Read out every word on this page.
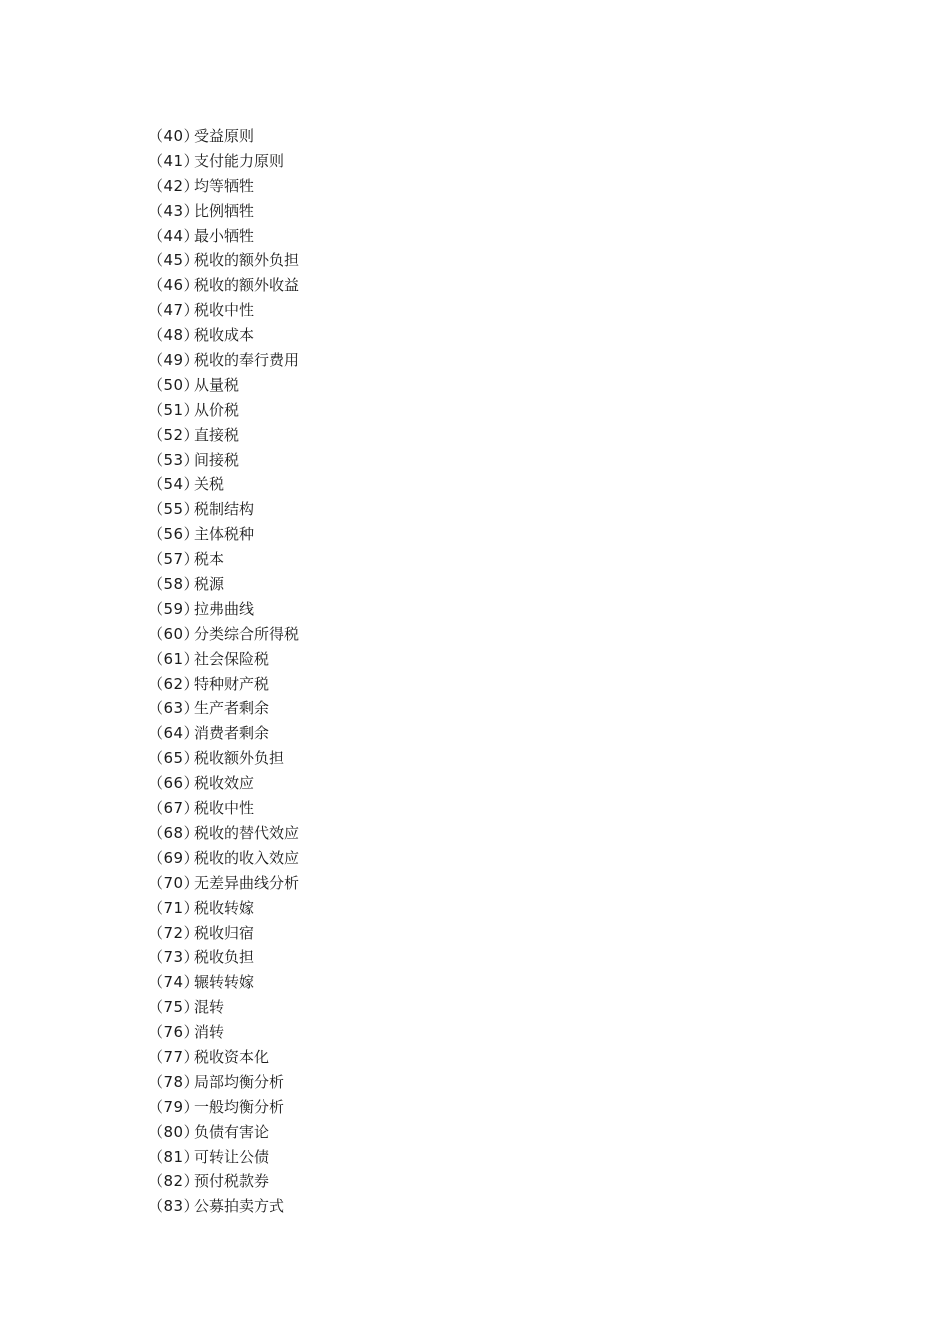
（40）受益原则
（41）支付能力原则
（42）均等牺牲
（43）比例牺牲
（44）最小牺牲
（45）税收的额外负担
（46）税收的额外收益
（47）税收中性
（48）税收成本
（49）税收的奉行费用
（50）从量税
（51）从价税
（52）直接税
（53）间接税
（54）关税
（55）税制结构
（56）主体税种
（57）税本
（58）税源
（59）拉弗曲线
（60）分类综合所得税
（61）社会保险税
（62）特种财产税
（63）生产者剩余
（64）消费者剩余
（65）税收额外负担
（66）税收效应
（67）税收中性
（68）税收的替代效应
（69）税收的收入效应
（70）无差异曲线分析
（71）税收转嫁
（72）税收归宿
（73）税收负担
（74）辗转转嫁
（75）混转
（76）消转
（77）税收资本化
（78）局部均衡分析
（79）一般均衡分析
（80）负债有害论
（81）可转让公债
（82）预付税款券
（83）公募拍卖方式
